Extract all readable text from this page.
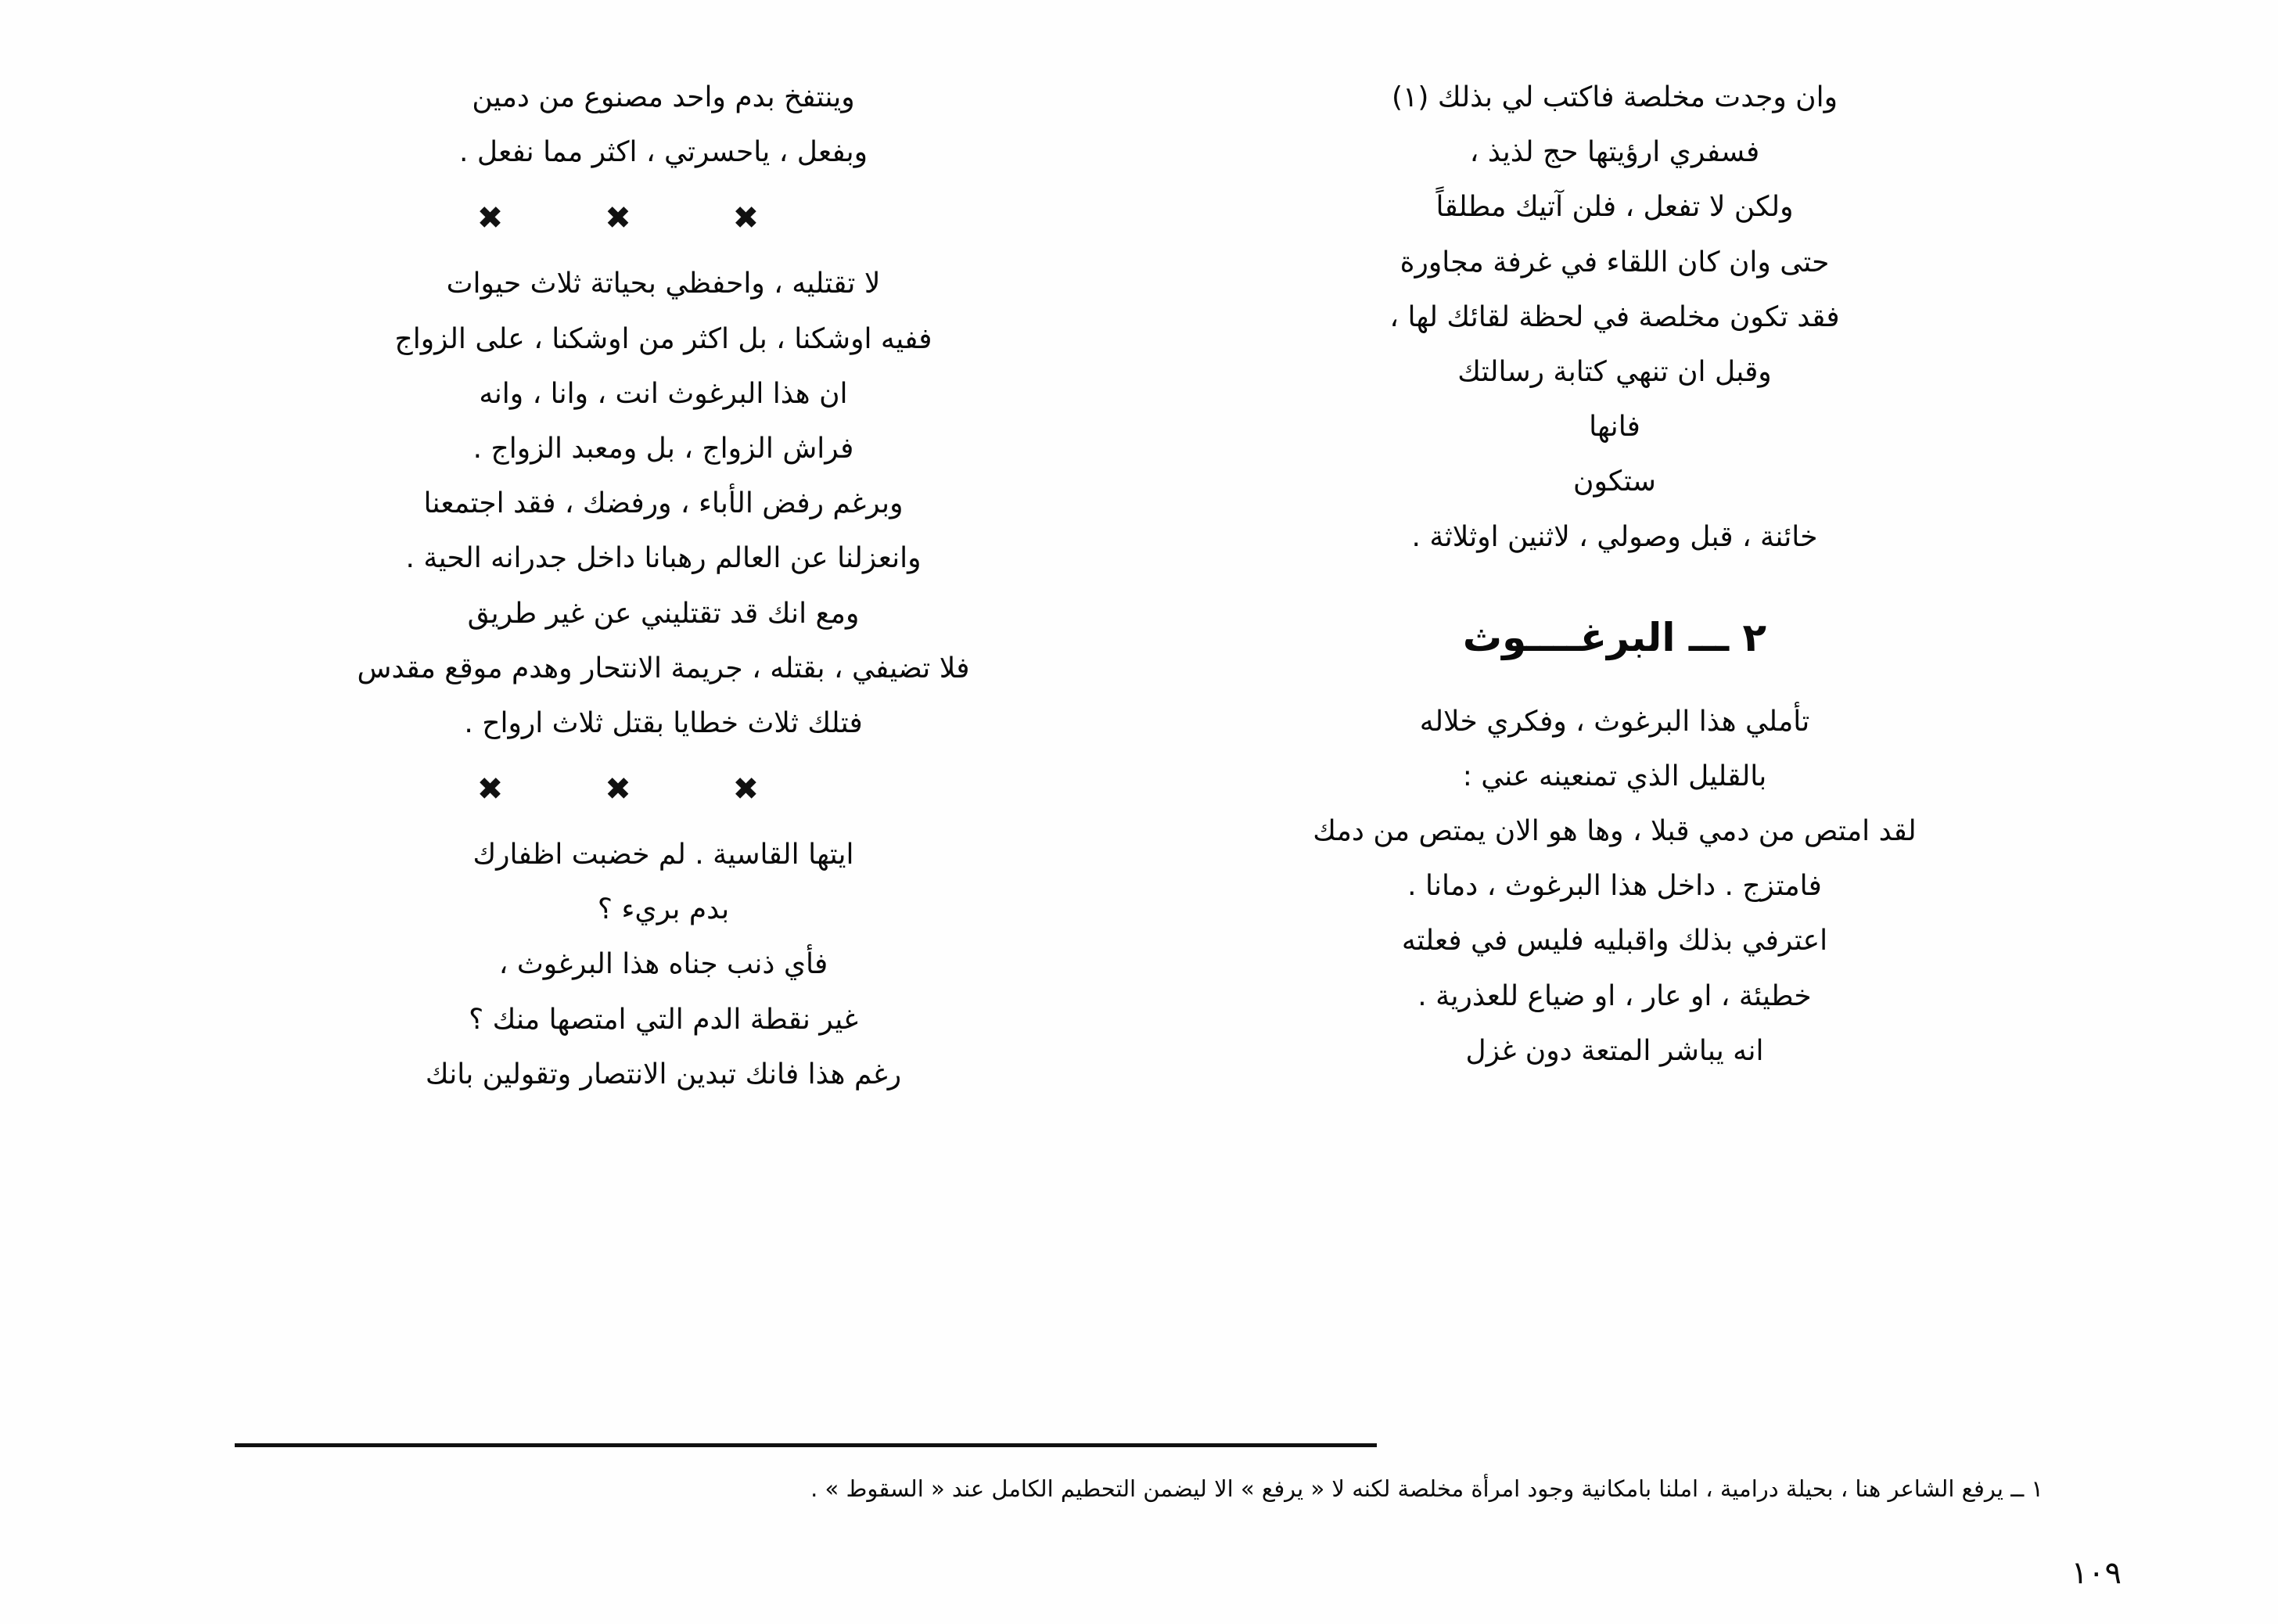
وان وجدت مخلصة فاكتب لي بذلك (١)
فسفري ارؤيتها حج لذيذ ،
ولكن لا تفعل ، فلن آتيك مطلقاً
حتى وان كان اللقاء في غرفة مجاورة
فقد تكون مخلصة في لحظة لقائك لها ،
وقبل ان تنهي كتابة رسالتك
فانها
ستكون
خائنة ، قبل وصولي ، لاثنين اوثلاثة .
٢ ـــ البرغــــوث
تأملي هذا البرغوث ، وفكري خلاله
بالقليل الذي تمنعينه عني :
لقد امتص من دمي قبلا ، وها هو الان يمتص من دمك
فامتزج . داخل هذا البرغوث ، دمانا .
اعترفي بذلك واقبليه فليس في فعلته
خطيئة ، او عار ، او ضياع للعذرية .
انه يباشر المتعة دون غزل
وينتفخ بدم واحد مصنوع من دمين
وبفعل ، ياحسرتي ، اكثر مما نفعل .
✖ ✖ ✖
لا تقتليه ، واحفظي بحياتة ثلاث حيوات
ففيه اوشكنا ، بل اكثر من اوشكنا ، على الزواج
ان هذا البرغوث انت ، وانا ، وانه
فراش الزواج ، بل ومعبد الزواج .
وبرغم رفض الأباء ، ورفضك ، فقد اجتمعنا
وانعزلنا عن العالم رهبانا داخل جدرانه الحية .
ومع انك قد تقتليني عن غير طريق
فلا تضيفي ، بقتله ، جريمة الانتحار وهدم موقع مقدس
فتلك ثلاث خطايا بقتل ثلاث ارواح .
✖ ✖ ✖
ايتها القاسية . لم خضبت اظفارك
بدم بريء ؟
فأي ذنب جناه هذا البرغوث ،
غير نقطة الدم التي امتصها منك ؟
رغم هذا فانك تبدين الانتصار وتقولين بانك
١ ــ يرفع الشاعر هنا ، بحيلة درامية ، املنا بامكانية وجود امرأة مخلصة لكنه لا « يرفع » الا ليضمن التحطيم الكامل عند « السقوط » .
١٠٩
